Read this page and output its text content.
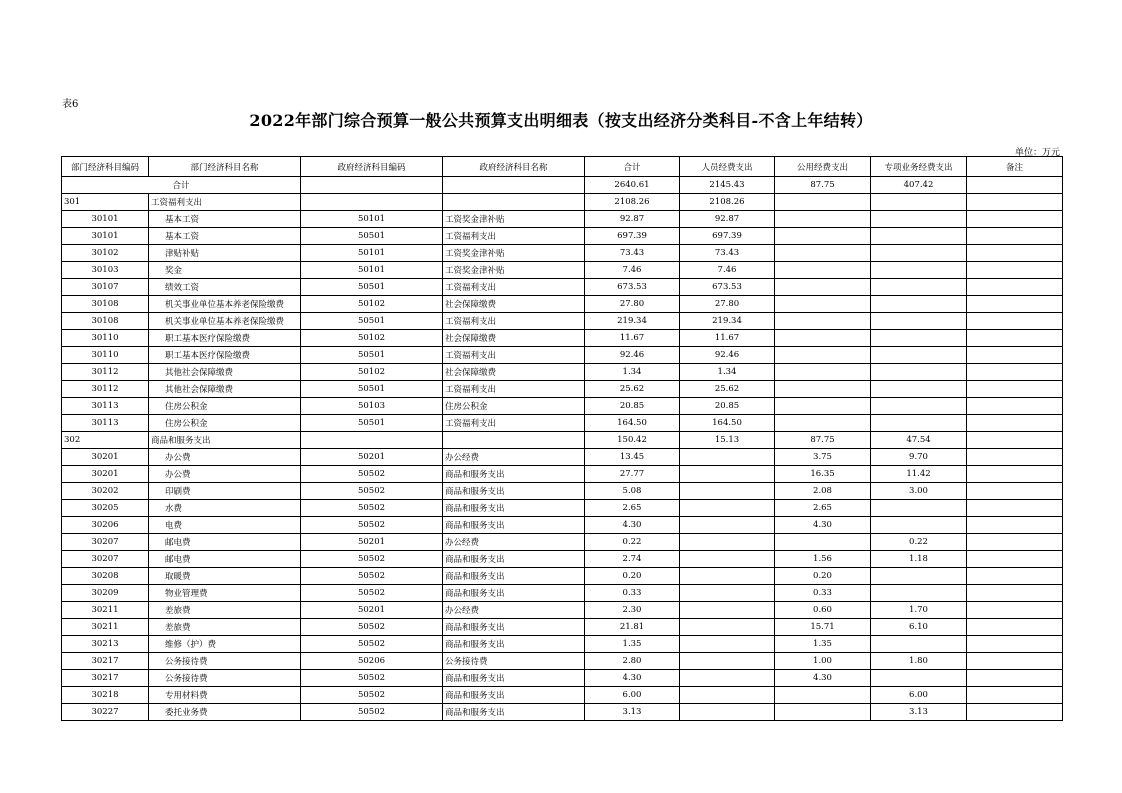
表6
2022年部门综合预算一般公共预算支出明细表（按支出经济分类科目-不含上年结转）
单位：万元
部门经济科目编码	部门经济科目名称	政府经济科目编码	政府经济科目名称	合计	人员经费支出	公用经费支出	专项业务经费支出	备注
合计				2640.61	2145.43	87.75	407.42	
301	工资福利支出			2108.26	2108.26			
30101	基本工资	50101	工资奖金津补贴	92.87	92.87			
30101	基本工资	50501	工资福利支出	697.39	697.39			
30102	津贴补贴	50101	工资奖金津补贴	73.43	73.43			
30103	奖金	50101	工资奖金津补贴	7.46	7.46			
30107	绩效工资	50501	工资福利支出	673.53	673.53			
30108	机关事业单位基本养老保险缴费	50102	社会保障缴费	27.80	27.80			
30108	机关事业单位基本养老保险缴费	50501	工资福利支出	219.34	219.34			
30110	职工基本医疗保险缴费	50102	社会保障缴费	11.67	11.67			
30110	职工基本医疗保险缴费	50501	工资福利支出	92.46	92.46			
30112	其他社会保障缴费	50102	社会保障缴费	1.34	1.34			
30112	其他社会保障缴费	50501	工资福利支出	25.62	25.62			
30113	住房公积金	50103	住房公积金	20.85	20.85			
30113	住房公积金	50501	工资福利支出	164.50	164.50			
302	商品和服务支出			150.42	15.13	87.75	47.54	
30201	办公费	50201	办公经费	13.45		3.75	9.70	
30201	办公费	50502	商品和服务支出	27.77		16.35	11.42	
30202	印刷费	50502	商品和服务支出	5.08		2.08	3.00	
30205	水费	50502	商品和服务支出	2.65		2.65		
30206	电费	50502	商品和服务支出	4.30		4.30		
30207	邮电费	50201	办公经费	0.22			0.22	
30207	邮电费	50502	商品和服务支出	2.74		1.56	1.18	
30208	取暖费	50502	商品和服务支出	0.20		0.20		
30209	物业管理费	50502	商品和服务支出	0.33		0.33		
30211	差旅费	50201	办公经费	2.30		0.60	1.70	
30211	差旅费	50502	商品和服务支出	21.81		15.71	6.10	
30213	维修（护）费	50502	商品和服务支出	1.35		1.35		
30217	公务接待费	50206	公务接待费	2.80		1.00	1.80	
30217	公务接待费	50502	商品和服务支出	4.30		4.30		
30218	专用材料费	50502	商品和服务支出	6.00			6.00	
30227	委托业务费	50502	商品和服务支出	3.13			3.13	
